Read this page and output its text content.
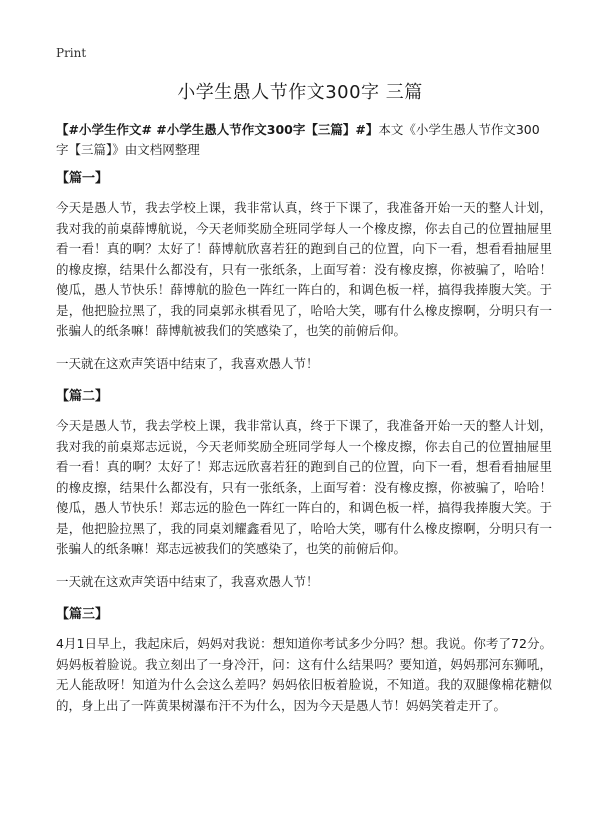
Print
小学生愚人节作文300字 三篇

【#小学生作文# #小学生愚人节作文300字【三篇】#】本文《小学生愚人节作文300字【三篇】》由文档网整理

【篇一】

今天是愚人节，我去学校上课，我非常认真，终于下课了，我准备开始一天的整人计划，我对我的前桌薛博航说，今天老师奖励全班同学每人一个橡皮擦，你去自己的位置抽屉里看一看！真的啊？太好了！薛博航欣喜若狂的跑到自己的位置，向下一看，想看看抽屉里的橡皮擦，结果什么都没有，只有一张纸条，上面写着：没有橡皮擦，你被骗了，哈哈！傻瓜，愚人节快乐！薛博航的脸色一阵红一阵白的，和调色板一样，搞得我捧腹大笑。于是，他把脸拉黑了，我的同桌郭永棋看见了，哈哈大笑，哪有什么橡皮擦啊，分明只有一张骗人的纸条嘛！薛博航被我们的笑感染了，也笑的前俯后仰。

一天就在这欢声笑语中结束了，我喜欢愚人节！

【篇二】

今天是愚人节，我去学校上课，我非常认真，终于下课了，我准备开始一天的整人计划，我对我的前桌郑志远说，今天老师奖励全班同学每人一个橡皮擦，你去自己的位置抽屉里看一看！真的啊？太好了！郑志远欣喜若狂的跑到自己的位置，向下一看，想看看抽屉里的橡皮擦，结果什么都没有，只有一张纸条，上面写着：没有橡皮擦，你被骗了，哈哈！傻瓜，愚人节快乐！郑志远的脸色一阵红一阵白的，和调色板一样，搞得我捧腹大笑。于是，他把脸拉黑了，我的同桌刘耀鑫看见了，哈哈大笑，哪有什么橡皮擦啊，分明只有一张骗人的纸条嘛！郑志远被我们的笑感染了，也笑的前俯后仰。

一天就在这欢声笑语中结束了，我喜欢愚人节！

【篇三】

4月1日早上，我起床后，妈妈对我说：想知道你考试多少分吗？想。我说。你考了72分。妈妈板着脸说。我立刻出了一身冷汗，问：这有什么结果吗？要知道，妈妈那河东狮吼，无人能敌呀！知道为什么会这么差吗？妈妈依旧板着脸说，不知道。我的双腿像棉花糖似的，身上出了一阵黄果树瀑布汗不为什么，因为今天是愚人节！妈妈笑着走开了。
